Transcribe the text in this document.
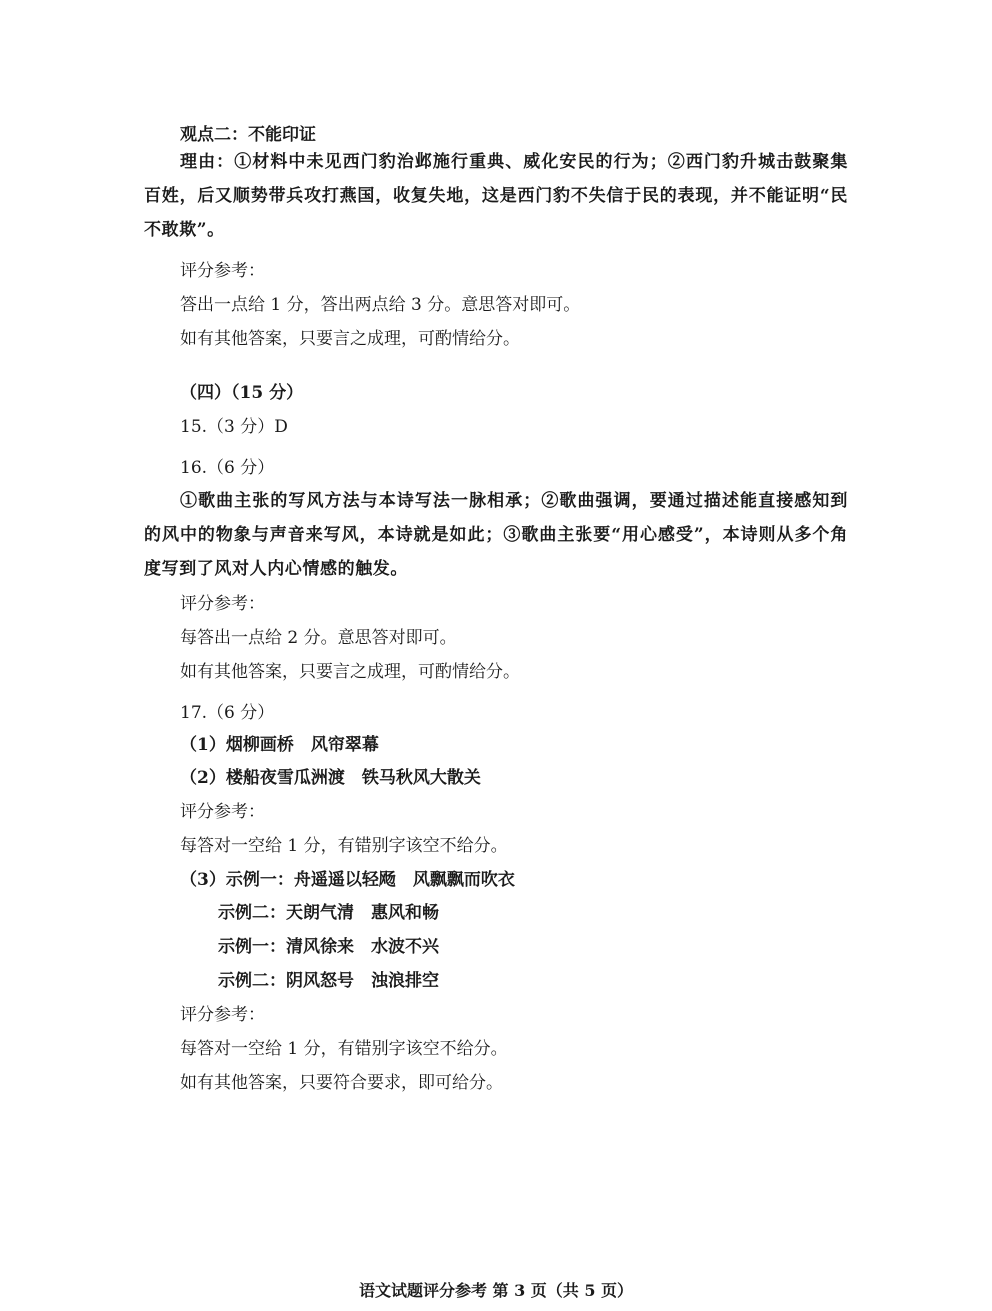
观点二：不能印证
理由：①材料中未见西门豹治邺施行重典、威化安民的行为；②西门豹升城击鼓聚集百姓，后又顺势带兵攻打燕国，收复失地，这是西门豹不失信于民的表现，并不能证明“民不敢欺”。
评分参考：
答出一点给 1 分，答出两点给 3 分。意思答对即可。
如有其他答案，只要言之成理，可酌情给分。
（四）（15 分）
15.（3 分）D
16.（6 分）
①歌曲主张的写风方法与本诗写法一脉相承；②歌曲强调，要通过描述能直接感知到的风中的物象与声音来写风，本诗就是如此；③歌曲主张要“用心感受”，本诗则从多个角度写到了风对人内心情感的触发。
评分参考：
每答出一点给 2 分。意思答对即可。
如有其他答案，只要言之成理，可酌情给分。
17.（6 分）
（1）烟柳画桥　风帘翠幕
（2）楼船夜雪瓜洲渡　铁马秋风大散关
评分参考：
每答对一空给 1 分，有错别字该空不给分。
（3）示例一：舟遥遥以轻飏　风飘飘而吹衣
示例二：天朗气清　惠风和畅
示例一：清风徐来　水波不兴
示例二：阴风怒号　浊浪排空
评分参考：
每答对一空给 1 分，有错别字该空不给分。
如有其他答案，只要符合要求，即可给分。
语文试题评分参考 第 3 页（共 5 页）
